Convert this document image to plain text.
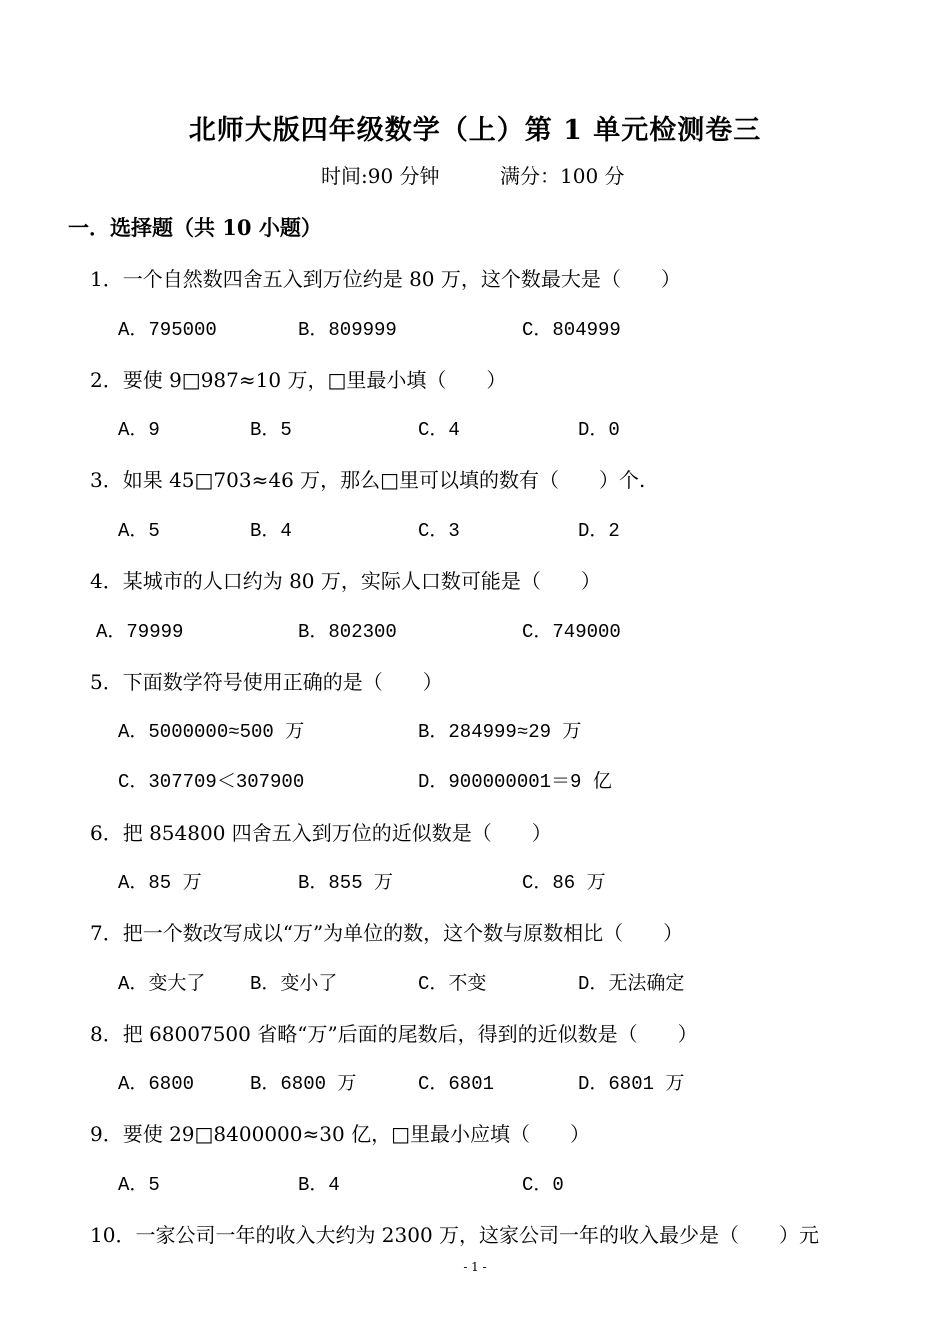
北师大版四年级数学（上）第 1 单元检测卷三
时间:90 分钟	满分：100 分
一．选择题（共 10 小题）
1．一个自然数四舍五入到万位约是 80 万，这个数最大是（　　）
A．795000	B．809999	C．804999
2．要使 9□987≈10 万，□里最小填（　　）
A．9	B．5	C．4	D．0
3．如果 45□703≈46 万，那么□里可以填的数有（　　）个.
A．5	B．4	C．3	D．2
4．某城市的人口约为 80 万，实际人口数可能是（　　）
A．79999	B．802300	C．749000
5．下面数学符号使用正确的是（　　）
A．5000000≈500 万	B．284999≈29 万
C．307709＜307900	D．900000001＝9 亿
6．把 854800 四舍五入到万位的近似数是（　　）
A．85 万	B．855 万	C．86 万
7．把一个数改写成以“万”为单位的数，这个数与原数相比（　　）
A．变大了 B．变小了	C．不变	D．无法确定
8．把 68007500 省略“万”后面的尾数后，得到的近似数是（　　）
A．6800	B．6800 万	C．6801	D．6801 万
9．要使 29□8400000≈30 亿，□里最小应填（　　）
A．5	B．4	C．0
10．一家公司一年的收入大约为 2300 万，这家公司一年的收入最少是（　　）元
- 1 -
